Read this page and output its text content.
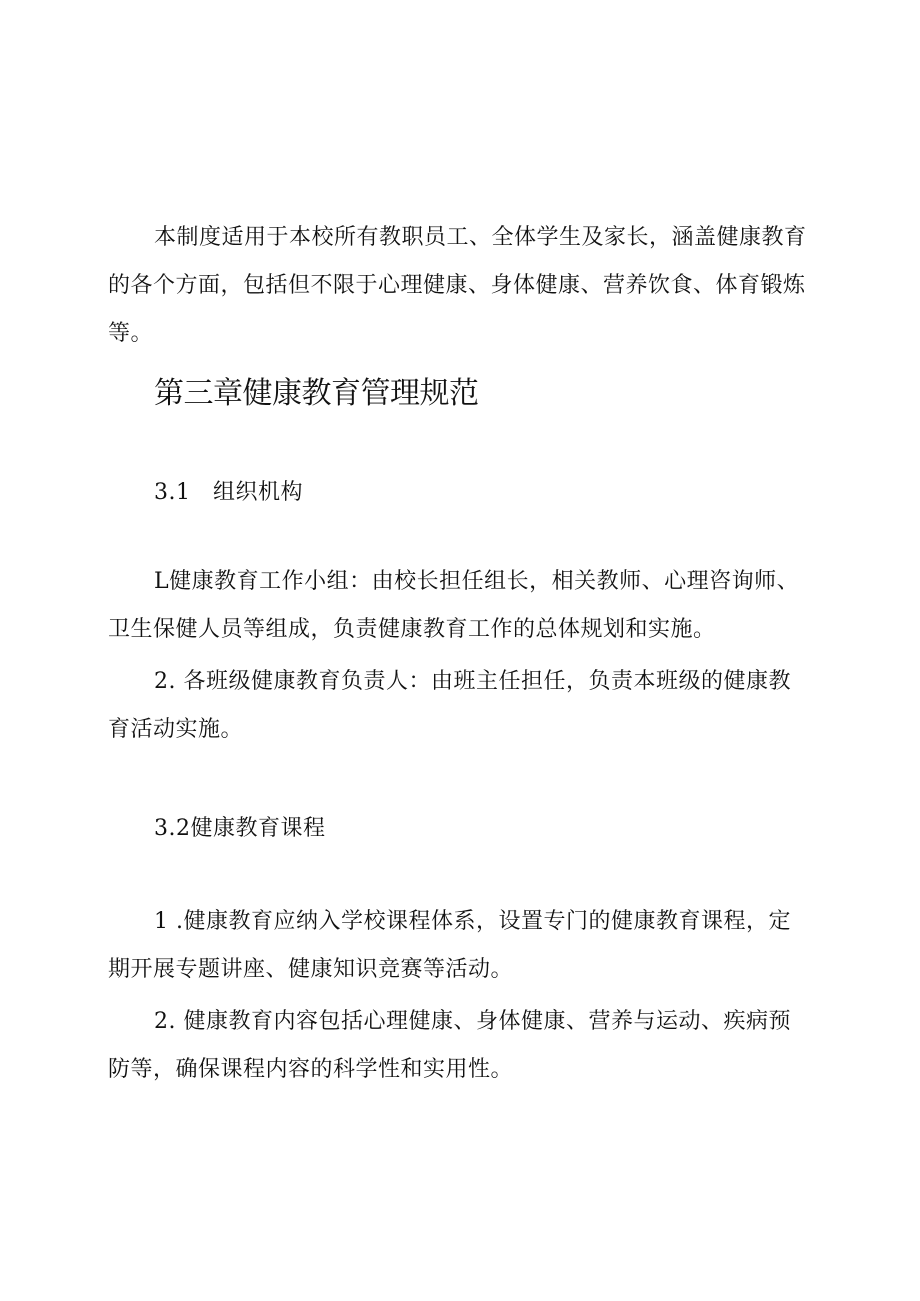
本制度适用于本校所有教职员工、全体学生及家长，涵盖健康教育的各个方面，包括但不限于心理健康、身体健康、营养饮食、体育锻炼等。

第三章健康教育管理规范
3.1　组织机构

L健康教育工作小组：由校长担任组长，相关教师、心理咨询师、卫生保健人员等组成，负责健康教育工作的总体规划和实施。

2. 各班级健康教育负责人：由班主任担任，负责本班级的健康教育活动实施。

3.2健康教育课程

1 .健康教育应纳入学校课程体系，设置专门的健康教育课程，定期开展专题讲座、健康知识竞赛等活动。

2. 健康教育内容包括心理健康、身体健康、营养与运动、疾病预防等，确保课程内容的科学性和实用性。
